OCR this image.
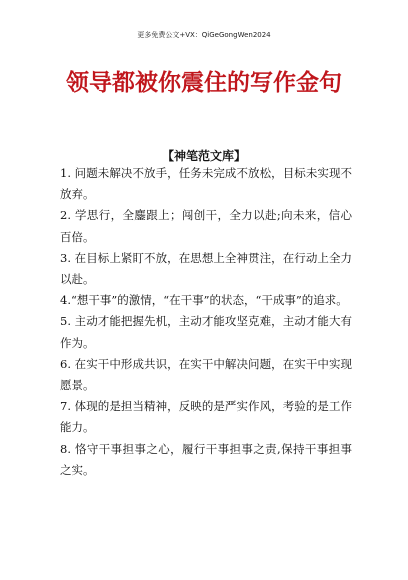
更多免费公文+VX：QiGeGongWen2024
领导都被你震住的写作金句
【神笔范文库】
1. 问题未解决不放手，任务未完成不放松，目标未实现不放弃。
2. 学思行，全鏖跟上；闯创干，全力以赴;向未来，信心百倍。
3. 在目标上紧盯不放，在思想上全神贯注，在行动上全力以赴。
4.“想干事”的激情，“在干事”的状态，“干成事”的追求。
5. 主动才能把握先机，主动才能攻坚克难，主动才能大有作为。
6. 在实干中形成共识，在实干中解决问题，在实干中实现愿景。
7. 体现的是担当精神，反映的是严实作风，考验的是工作能力。
8. 恪守干事担事之心，履行干事担事之责,保持干事担事之实。
